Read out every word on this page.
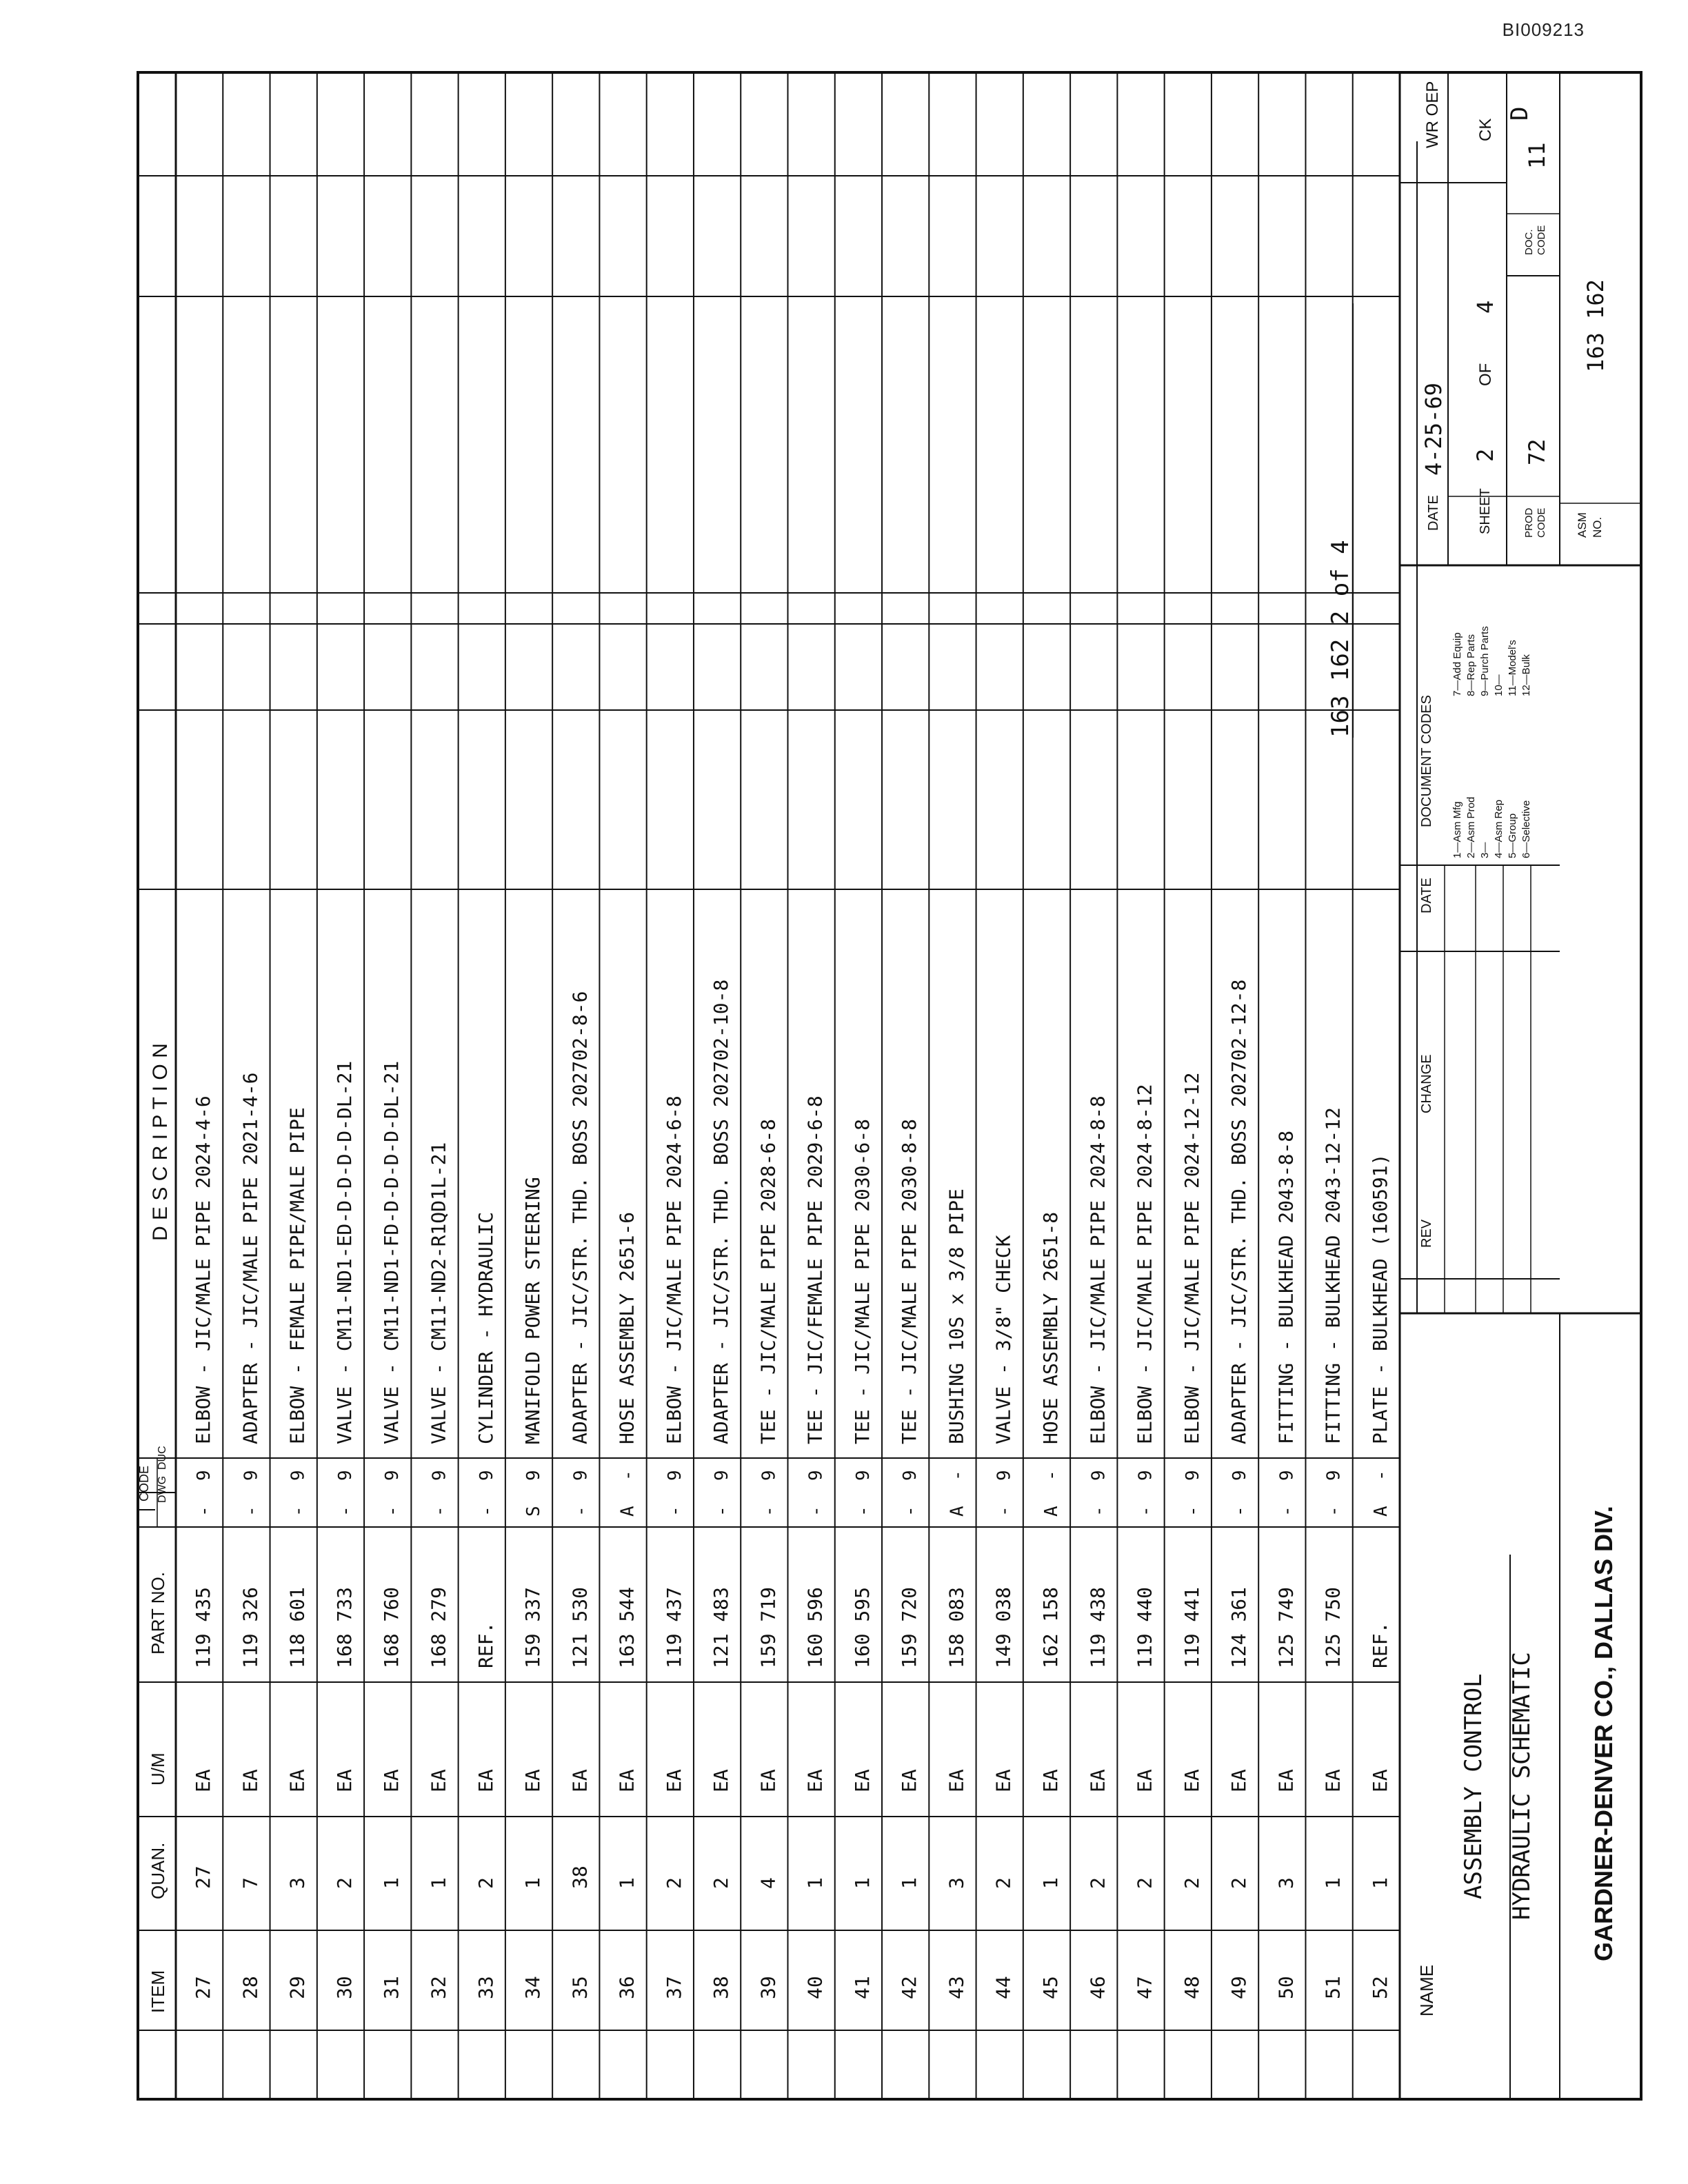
BI009213
163 162 2 of 4
D
ITEM
QUAN.
U/M
PART NO.
CODE DWG
DUC
D E S C R I P T I O N
27
27
EA
119 435
-
9
ELBOW - JIC/MALE PIPE 2024-4-6
28
7
EA
119 326
-
9
ADAPTER - JIC/MALE PIPE 2021-4-6
29
3
EA
118 601
-
9
ELBOW - FEMALE PIPE/MALE PIPE
30
2
EA
168 733
-
9
VALVE - CM11-ND1-ED-D-D-D-D-DL-21
31
1
EA
168 760
-
9
VALVE - CM11-ND1-FD-D-D-D-D-DL-21
32
1
EA
168 279
-
9
VALVE - CM11-ND2-R1QD1L-21
33
2
EA
REF.
-
9
CYLINDER - HYDRAULIC
34
1
EA
159 337
S
9
MANIFOLD POWER STEERING
35
38
EA
121 530
-
9
ADAPTER - JIC/STR. THD. BOSS 202702-8-6
36
1
EA
163 544
A
-
HOSE ASSEMBLY 2651-6
37
2
EA
119 437
-
9
ELBOW - JIC/MALE PIPE 2024-6-8
38
2
EA
121 483
-
9
ADAPTER - JIC/STR. THD. BOSS 202702-10-8
39
4
EA
159 719
-
9
TEE - JIC/MALE PIPE 2028-6-8
40
1
EA
160 596
-
9
TEE - JIC/FEMALE PIPE 2029-6-8
41
1
EA
160 595
-
9
TEE - JIC/MALE PIPE 2030-6-8
42
1
EA
159 720
-
9
TEE - JIC/MALE PIPE 2030-8-8
43
3
EA
158 083
A
-
BUSHING 10S x 3/8 PIPE
44
2
EA
149 038
-
9
VALVE - 3/8" CHECK
45
1
EA
162 158
A
-
HOSE ASSEMBLY 2651-8
46
2
EA
119 438
-
9
ELBOW - JIC/MALE PIPE 2024-8-8
47
2
EA
119 440
-
9
ELBOW - JIC/MALE PIPE 2024-8-12
48
2
EA
119 441
-
9
ELBOW - JIC/MALE PIPE 2024-12-12
49
2
EA
124 361
-
9
ADAPTER - JIC/STR. THD. BOSS 202702-12-8
50
3
EA
125 749
-
9
FITTING - BULKHEAD 2043-8-8
51
1
EA
125 750
-
9
FITTING - BULKHEAD 2043-12-12
52
1
EA
REF.
A
-
PLATE - BULKHEAD (160591)
NAME
ASSEMBLY CONTROL HYDRAULIC SCHEMATIC GARDNER-DENVER CO., DALLAS DIV.
REV
CHANGE
DATE
DOCUMENT CODES
1—Asm Mfg 2—Asm Prod 3— 4—Asm Rep 5—Group 6—Selective
7—Add Equip 8—Rep Parts 9—Purch Parts 10— 11—Model's 12—Bulk
DATE
4-25-69
WR OEP
SHEET
2
OF
4
CK
PROD CODE
72
DOC. CODE
11
ASM NO.
163 162
